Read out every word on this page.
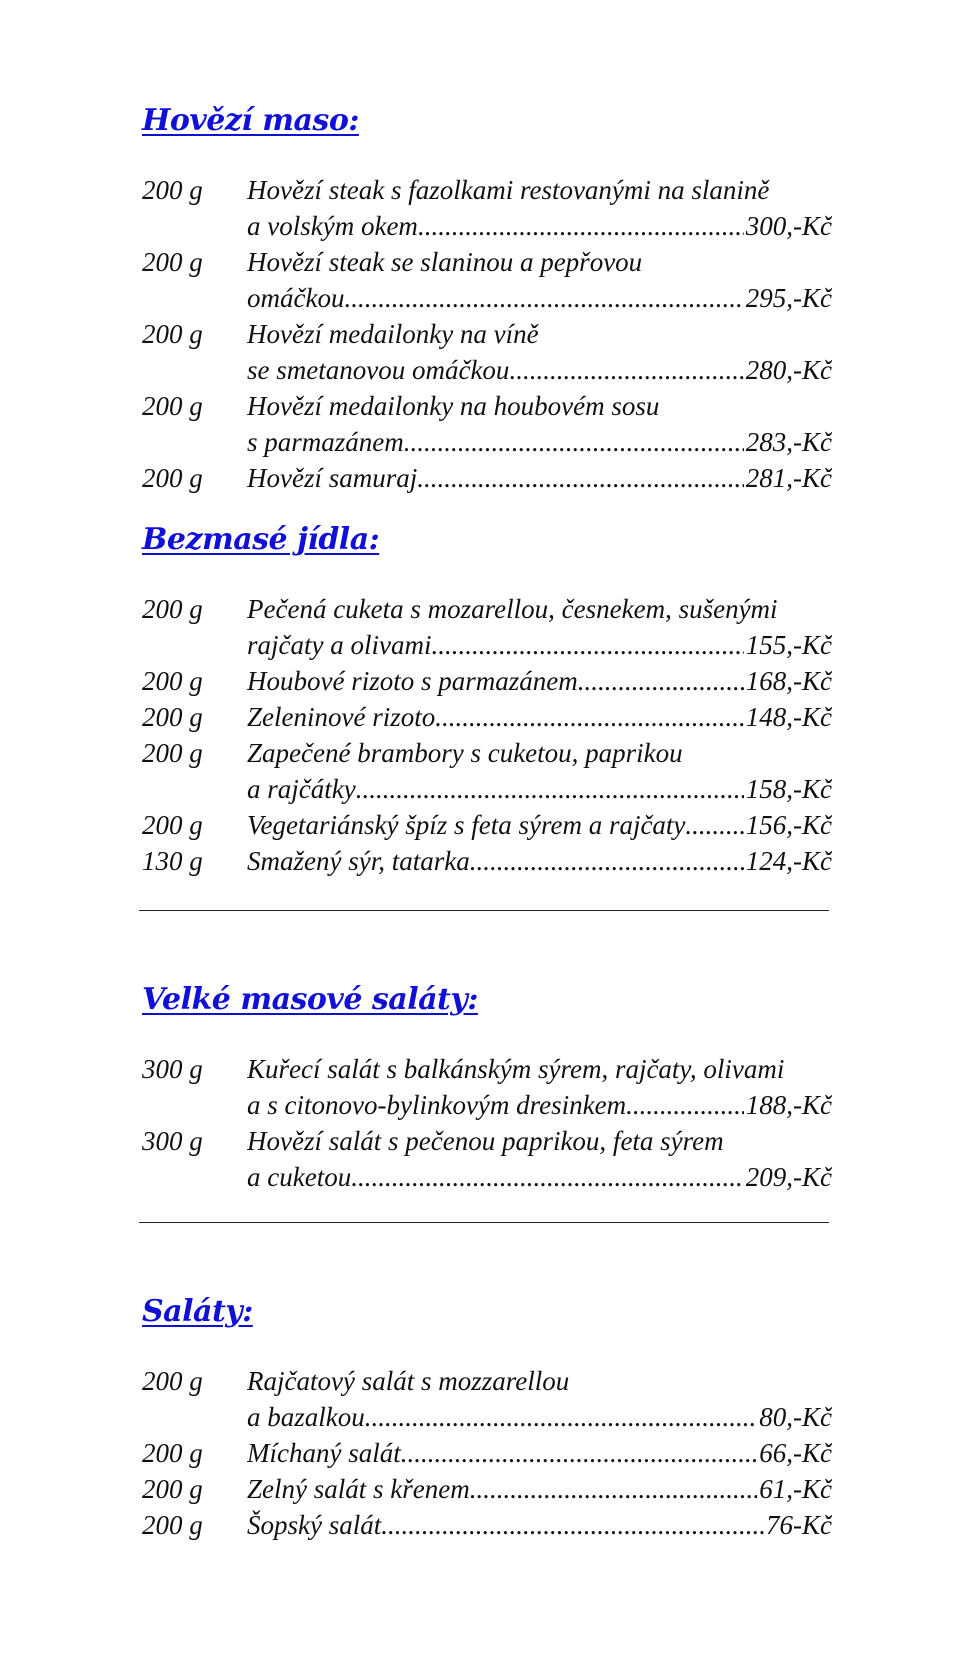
Hovězí maso:
200 g	Hovězí steak s fazolkami restovanými na slanině
a volským okem .....	300,-Kč
200 g	Hovězí steak se slaninou a pepřovou
omáčkou .....	295,-Kč
200 g	Hovězí medailonky na víně
se smetanovou omáčkou .....	280,-Kč
200 g	Hovězí medailonky na houbovém sosu
s parmazánem .....	283,-Kč
200 g	Hovězí samuraj .....	281,-Kč
Bezmasé jídla:
200 g	Pečená cuketa s mozarellou, česnekem, sušenými
rajčaty a olivami .....	155,-Kč
200 g	Houbové rizoto s parmazánem .....	168,-Kč
200 g	Zeleninové rizoto .....	148,-Kč
200 g	Zapečené brambory s cuketou, paprikou
a rajčátky .....	158,-Kč
200 g	Vegetariánský špíz s feta sýrem a rajčaty ..... 156,-Kč
130 g	Smažený sýr, tatarka .....	124,-Kč
Velké masové saláty:
300 g	Kuřecí salát s balkánským sýrem, rajčaty, olivami
a s citonovo-bylinkovým dresinkem .....	188,-Kč
300 g	Hovězí salát s pečenou paprikou, feta sýrem
a cuketou .....	209,-Kč
Saláty:
200 g	Rajčatový salát s mozzarellou
a bazalkou .....	80,-Kč
200 g	Míchaný salát .....	66,-Kč
200 g	Zelný salát s křenem .....	61,-Kč
200 g	Šopský salát .....	76-Kč
